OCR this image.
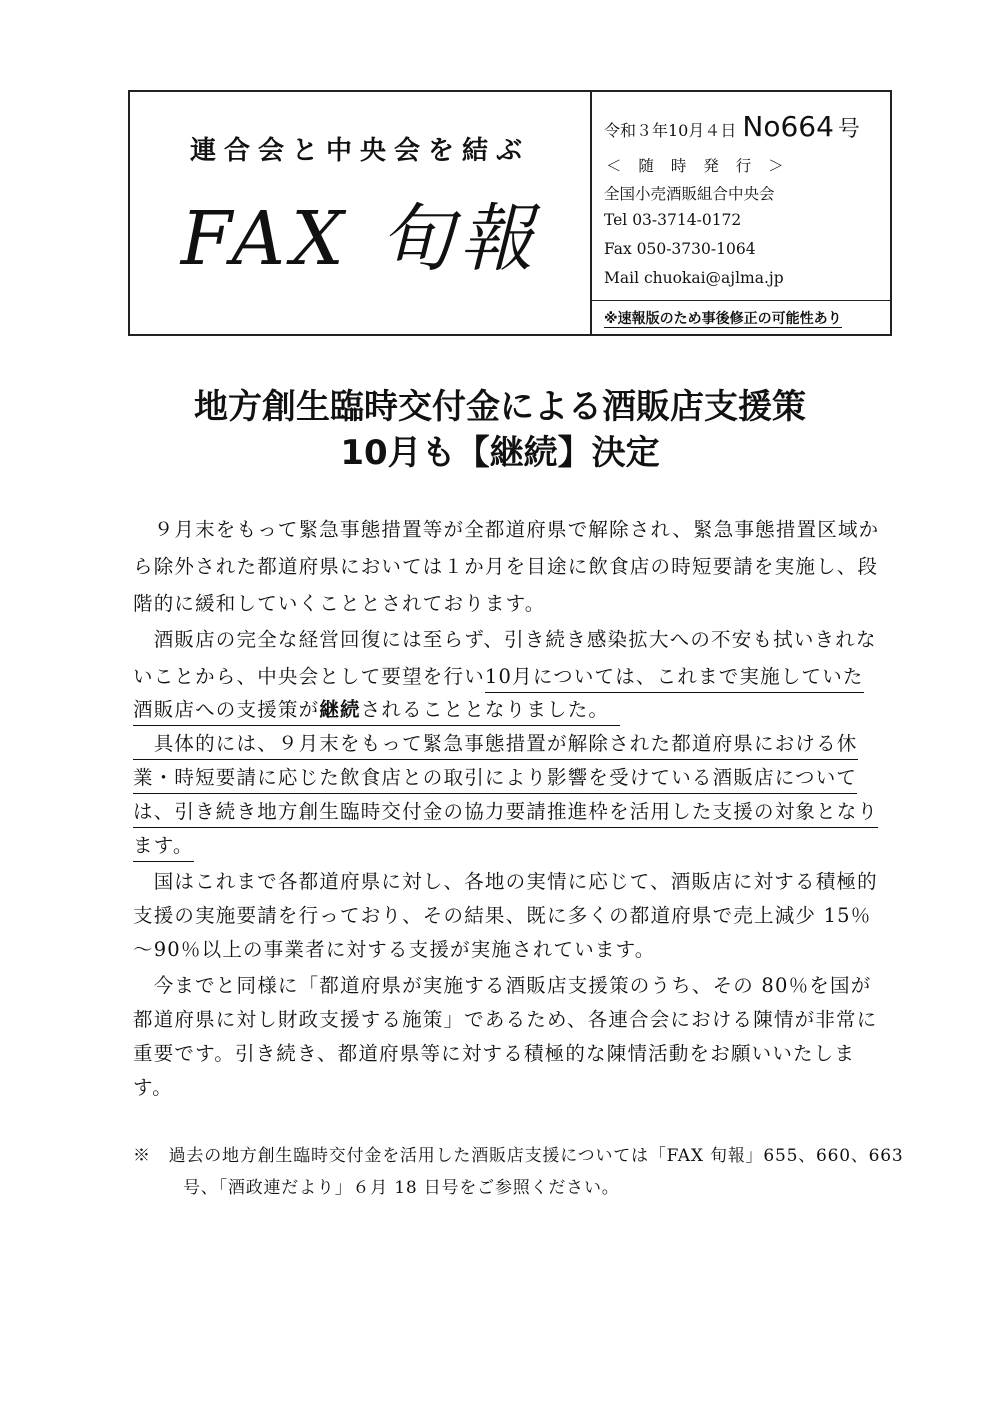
連合会と中央会を結ぶ
FAX 旬報
令和３年10月４日 No664 号
＜ 随 時 発 行 ＞
全国小売酒販組合中央会
Tel 03-3714-0172
Fax 050-3730-1064
Mail chuokai@ajlma.jp
※速報版のため事後修正の可能性あり
地方創生臨時交付金による酒販店支援策
10月も【継続】決定
　９月末をもって緊急事態措置等が全都道府県で解除され、緊急事態措置区域か
ら除外された都道府県においては１か月を目途に飲食店の時短要請を実施し、段
階的に緩和していくこととされております。
　酒販店の完全な経営回復には至らず、引き続き感染拡大への不安も拭いきれな
いことから、中央会として要望を行い10月については、これまで実施していた
酒販店への支援策が継続されることとなりました。　
　具体的には、９月末をもって緊急事態措置が解除された都道府県における休
業・時短要請に応じた飲食店との取引により影響を受けている酒販店について
は、引き続き地方創生臨時交付金の協力要請推進枠を活用した支援の対象となり
ます。
　国はこれまで各都道府県に対し、各地の実情に応じて、酒販店に対する積極的
支援の実施要請を行っており、その結果、既に多くの都道府県で売上減少 15％
～90％以上の事業者に対する支援が実施されています。
　今までと同様に「都道府県が実施する酒販店支援策のうち、その 80％を国が
都道府県に対し財政支援する施策」であるため、各連合会における陳情が非常に
重要です。引き続き、都道府県等に対する積極的な陳情活動をお願いいたしま
す。
※　過去の地方創生臨時交付金を活用した酒販店支援については「FAX 旬報」655、660、663
号、「酒政連だより」６月 18 日号をご参照ください。
